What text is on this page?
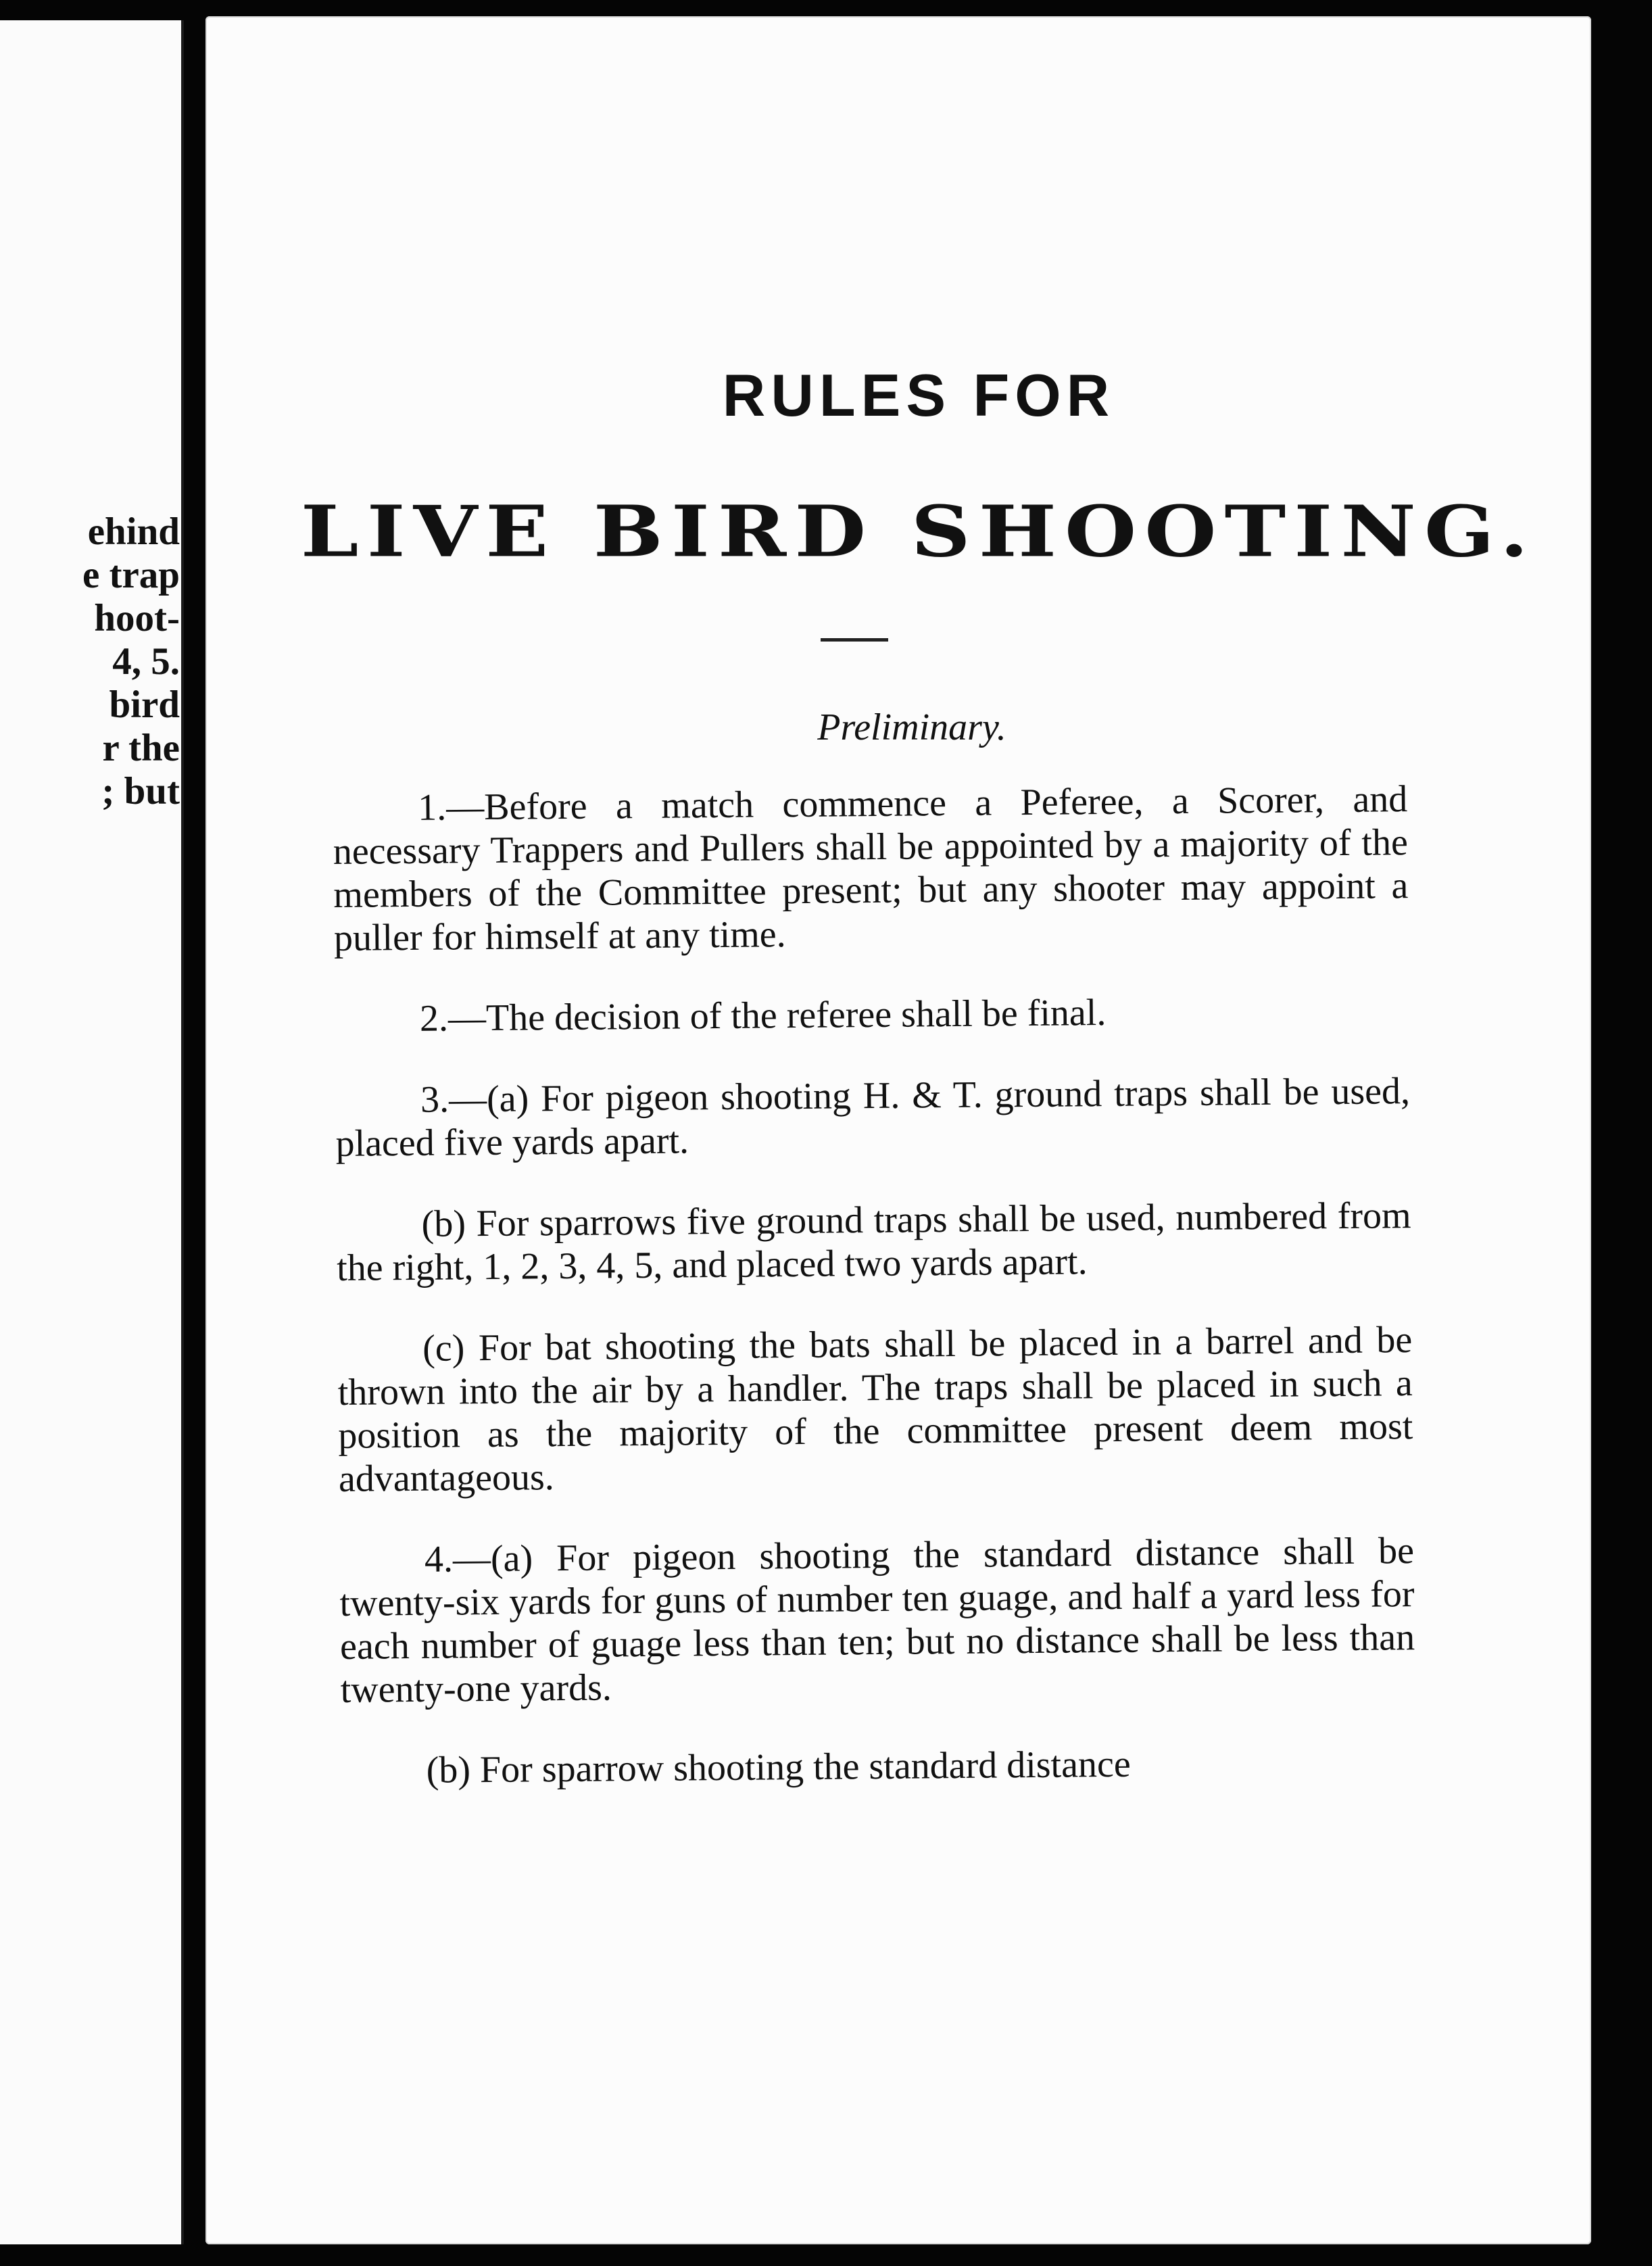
ehind
e trap
hoot-
4, 5.
bird
r the
; but
RULES FOR
LIVE BIRD SHOOTING.
Preliminary.

1.—Before a match commence a Peferee, a Scorer, and necessary Trappers and Pullers shall be appointed by a majority of the members of the Committee present; but any shooter may appoint a puller for himself at any time.

2.—The decision of the referee shall be final.

3.—(a) For pigeon shooting H. & T. ground traps shall be used, placed five yards apart.

(b) For sparrows five ground traps shall be used, numbered from the right, 1, 2, 3, 4, 5, and placed two yards apart.

(c) For bat shooting the bats shall be placed in a barrel and be thrown into the air by a handler. The traps shall be placed in such a position as the majority of the committee present deem most advantageous.

4.—(a) For pigeon shooting the standard distance shall be twenty-six yards for guns of number ten guage, and half a yard less for each number of guage less than ten; but no distance shall be less than twenty-one yards.

(b) For sparrow shooting the standard distance
